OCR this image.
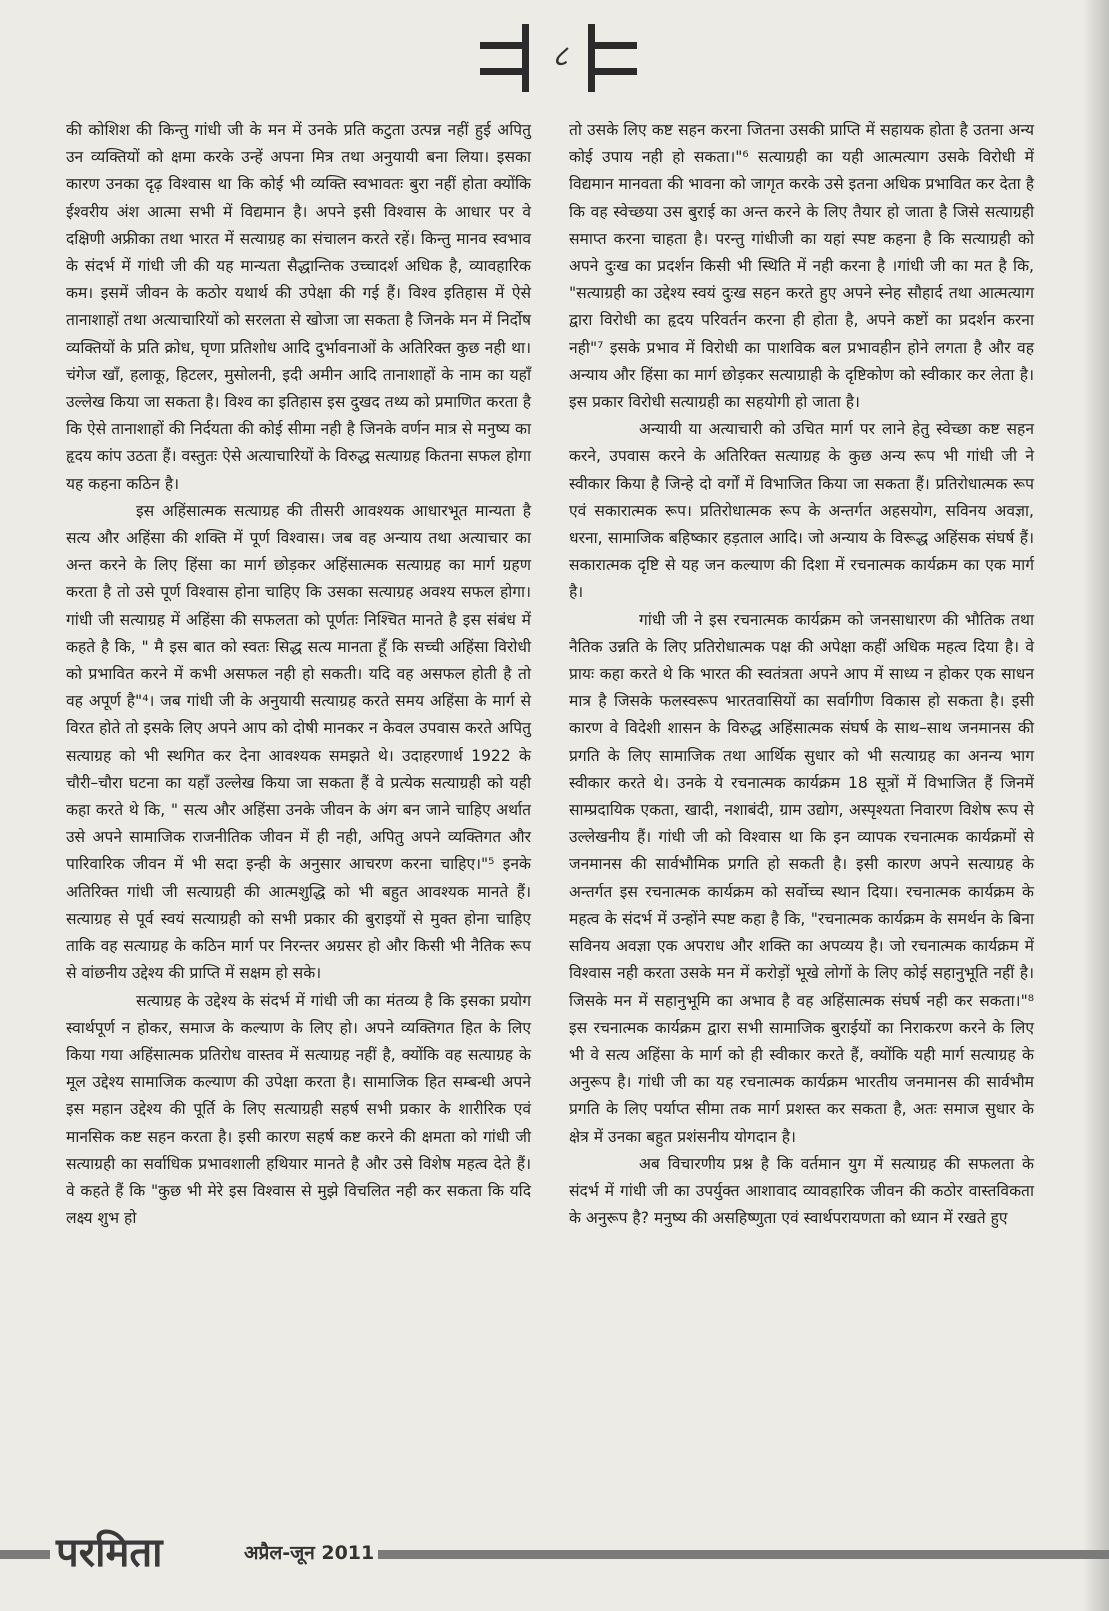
८

की कोशिश की किन्तु गांधी जी के मन में उनके प्रति कटुता उत्पन्न नहीं हुई अपितु उन व्यक्तियों को क्षमा करके उन्हें अपना मित्र तथा अनुयायी बना लिया। इसका कारण उनका दृढ़ विश्वास था कि कोई भी व्यक्ति स्वभावतः बुरा नहीं होता क्योंकि ईश्वरीय अंश आत्मा सभी में विद्यमान है। अपने इसी विश्वास के आधार पर वे दक्षिणी अफ्रीका तथा भारत में सत्याग्रह का संचालन करते रहें। किन्तु मानव स्वभाव के संदर्भ में गांधी जी की यह मान्यता सैद्धान्तिक उच्चादर्श अधिक है, व्यावहारिक कम। इसमें जीवन के कठोर यथार्थ की उपेक्षा की गई हैं। विश्व इतिहास में ऐसे तानाशाहों तथा अत्याचारियों को सरलता से खोजा जा सकता है जिनके मन में निर्दोष व्यक्तियों के प्रति क्रोध, घृणा प्रतिशोध आदि दुर्भावनाओं के अतिरिक्त कुछ नही था। चंगेज खाँ, हलाकू, हिटलर, मुसोलनी, इदी अमीन आदि तानाशाहों के नाम का यहाँ उल्लेख किया जा सकता है। विश्व का इतिहास इस दुखद तथ्य को प्रमाणित करता है कि ऐसे तानाशाहों की निर्दयता की कोई सीमा नही है जिनके वर्णन मात्र से मनुष्य का हृदय कांप उठता हैं। वस्तुतः ऐसे अत्याचारियों के विरुद्ध सत्याग्रह कितना सफल होगा यह कहना कठिन है।

इस अहिंसात्मक सत्याग्रह की तीसरी आवश्यक आधारभूत मान्यता है सत्य और अहिंसा की शक्ति में पूर्ण विश्वास। जब वह अन्याय तथा अत्याचार का अन्त करने के लिए हिंसा का मार्ग छोड़कर अहिंसात्मक सत्याग्रह का मार्ग ग्रहण करता है तो उसे पूर्ण विश्वास होना चाहिए कि उसका सत्याग्रह अवश्य सफल होगा। गांधी जी सत्याग्रह में अहिंसा की सफलता को पूर्णतः निश्चित मानते है इस संबंध में कहते है कि, " मै इस बात को स्वतः सिद्ध सत्य मानता हूँ कि सच्ची अहिंसा विरोधी को प्रभावित करने में कभी असफल नही हो सकती। यदि वह असफल होती है तो वह अपूर्ण है"⁴। जब गांधी जी के अनुयायी सत्याग्रह करते समय अहिंसा के मार्ग से विरत होते तो इसके लिए अपने आप को दोषी मानकर न केवल उपवास करते अपितु सत्याग्रह को भी स्थगित कर देना आवश्यक समझते थे। उदाहरणार्थ 1922 के चौरी–चौरा घटना का यहाँ उल्लेख किया जा सकता हैं वे प्रत्येक सत्याग्रही को यही कहा करते थे कि, " सत्य और अहिंसा उनके जीवन के अंग बन जाने चाहिए अर्थात उसे अपने सामाजिक राजनीतिक जीवन में ही नही, अपितु अपने व्यक्तिगत और पारिवारिक जीवन में भी सदा इन्ही के अनुसार आचरण करना चाहिए।"⁵ इनके अतिरिक्त गांधी जी सत्याग्रही की आत्मशुद्धि को भी बहुत आवश्यक मानते हैं। सत्याग्रह से पूर्व स्वयं सत्याग्रही को सभी प्रकार की बुराइयों से मुक्त होना चाहिए ताकि वह सत्याग्रह के कठिन मार्ग पर निरन्तर अग्रसर हो और किसी भी नैतिक रूप से वांछनीय उद्देश्य की प्राप्ति में सक्षम हो सके।

सत्याग्रह के उद्देश्य के संदर्भ में गांधी जी का मंतव्य है कि इसका प्रयोग स्वार्थपूर्ण न होकर, समाज के कल्याण के लिए हो। अपने व्यक्तिगत हित के लिए किया गया अहिंसात्मक प्रतिरोध वास्तव में सत्याग्रह नहीं है, क्योंकि वह सत्याग्रह के मूल उद्देश्य सामाजिक कल्याण की उपेक्षा करता है। सामाजिक हित सम्बन्धी अपने इस महान उद्देश्य की पूर्ति के लिए सत्याग्रही सहर्ष सभी प्रकार के शारीरिक एवं मानसिक कष्ट सहन करता है। इसी कारण सहर्ष कष्ट करने की क्षमता को गांधी जी सत्याग्रही का सर्वाधिक प्रभावशाली हथियार मानते है और उसे विशेष महत्व देते हैं। वे कहते हैं कि "कुछ भी मेरे इस विश्वास से मुझे विचलित नही कर सकता कि यदि लक्ष्य शुभ हो

तो उसके लिए कष्ट सहन करना जितना उसकी प्राप्ति में सहायक होता है उतना अन्य कोई उपाय नही हो सकता।"⁶ सत्याग्रही का यही आत्मत्याग उसके विरोधी में विद्यमान मानवता की भावना को जागृत करके उसे इतना अधिक प्रभावित कर देता है कि वह स्वेच्छया उस बुराई का अन्त करने के लिए तैयार हो जाता है जिसे सत्याग्रही समाप्त करना चाहता है। परन्तु गांधीजी का यहां स्पष्ट कहना है कि सत्याग्रही को अपने दुःख का प्रदर्शन किसी भी स्थिति में नही करना है ।गांधी जी का मत है कि, "सत्याग्रही का उद्देश्य स्वयं दुःख सहन करते हुए अपने स्नेह सौहार्द तथा आत्मत्याग द्वारा विरोधी का हृदय परिवर्तन करना ही होता है, अपने कष्टों का प्रदर्शन करना नही"⁷ इसके प्रभाव में विरोधी का पाशविक बल प्रभावहीन होने लगता है और वह अन्याय और हिंसा का मार्ग छोड़कर सत्याग्राही के दृष्टिकोण को स्वीकार कर लेता है। इस प्रकार विरोधी सत्याग्रही का सहयोगी हो जाता है।

अन्यायी या अत्याचारी को उचित मार्ग पर लाने हेतु स्वेच्छा कष्ट सहन करने, उपवास करने के अतिरिक्त सत्याग्रह के कुछ अन्य रूप भी गांधी जी ने स्वीकार किया है जिन्हे दो वर्गों में विभाजित किया जा सकता हैं। प्रतिरोधात्मक रूप एवं सकारात्मक रूप। प्रतिरोधात्मक रूप के अन्तर्गत अहसयोग, सविनय अवज्ञा, धरना, सामाजिक बहिष्कार हड़ताल आदि। जो अन्याय के विरूद्ध अहिंसक संघर्ष हैं। सकारात्मक दृष्टि से यह जन कल्याण की दिशा में रचनात्मक कार्यक्रम का एक मार्ग है।

गांधी जी ने इस रचनात्मक कार्यक्रम को जनसाधारण की भौतिक तथा नैतिक उन्नति के लिए प्रतिरोधात्मक पक्ष की अपेक्षा कहीं अधिक महत्व दिया है। वे प्रायः कहा करते थे कि भारत की स्वतंत्रता अपने आप में साध्य न होकर एक साधन मात्र है जिसके फलस्वरूप भारतवासियों का सर्वागीण विकास हो सकता है। इसी कारण वे विदेशी शासन के विरुद्ध अहिंसात्मक संघर्ष के साथ–साथ जनमानस की प्रगति के लिए सामाजिक तथा आर्थिक सुधार को भी सत्याग्रह का अनन्य भाग स्वीकार करते थे। उनके ये रचनात्मक कार्यक्रम 18 सूत्रों में विभाजित हैं जिनमें साम्प्रदायिक एकता, खादी, नशाबंदी, ग्राम उद्योग, अस्पृश्यता निवारण विशेष रूप से उल्लेखनीय हैं। गांधी जी को विश्वास था कि इन व्यापक रचनात्मक कार्यक्रमों से जनमानस की सार्वभौमिक प्रगति हो सकती है। इसी कारण अपने सत्याग्रह के अन्तर्गत इस रचनात्मक कार्यक्रम को सर्वोच्च स्थान दिया। रचनात्मक कार्यक्रम के महत्व के संदर्भ में उन्होंने स्पष्ट कहा है कि, "रचनात्मक कार्यक्रम के समर्थन के बिना सविनय अवज्ञा एक अपराध और शक्ति का अपव्यय है। जो रचनात्मक कार्यक्रम में विश्वास नही करता उसके मन में करोड़ों भूखे लोगों के लिए कोई सहानुभूति नहीं है। जिसके मन में सहानुभूमि का अभाव है वह अहिंसात्मक संघर्ष नही कर सकता।"⁸ इस रचनात्मक कार्यक्रम द्वारा सभी सामाजिक बुराईयों का निराकरण करने के लिए भी वे सत्य अहिंसा के मार्ग को ही स्वीकार करते हैं, क्योंकि यही मार्ग सत्याग्रह के अनुरूप है। गांधी जी का यह रचनात्मक कार्यक्रम भारतीय जनमानस की सार्वभौम प्रगति के लिए पर्याप्त सीमा तक मार्ग प्रशस्त कर सकता है, अतः समाज सुधार के क्षेत्र में उनका बहुत प्रशंसनीय योगदान है।

अब विचारणीय प्रश्न है कि वर्तमान युग में सत्याग्रह की सफलता के संदर्भ में गांधी जी का उपर्युक्त आशावाद व्यावहारिक जीवन की कठोर वास्तविकता के अनुरूप है? मनुष्य की असहिष्णुता एवं स्वार्थपरायणता को ध्यान में रखते हुए

परमिता	अप्रैल-जून 2011
